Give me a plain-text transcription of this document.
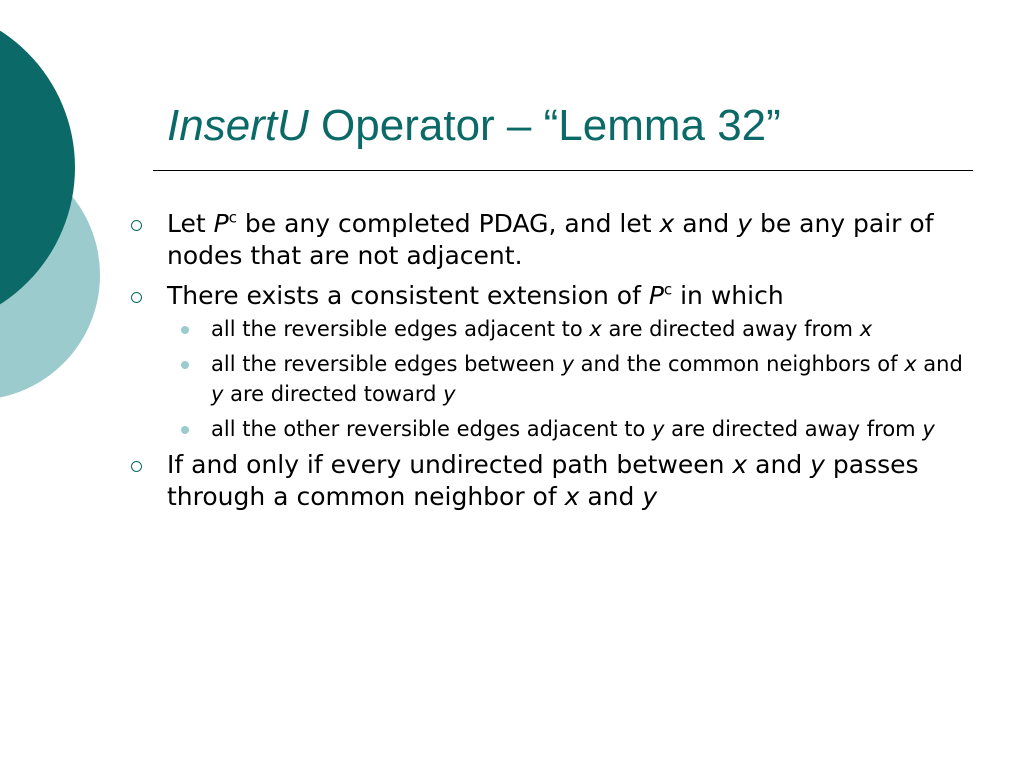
InsertU Operator – “Lemma 32”
Let $P^c$ be any completed PDAG, and let x and y be any pair of nodes that are not adjacent.
There exists a consistent extension of $P^c$ in which
all the reversible edges adjacent to x are directed away from x
all the reversible edges between y and the common neighbors of x and y are directed toward y
all the other reversible edges adjacent to y are directed away from y
If and only if every undirected path between x and y passes through a common neighbor of x and y
